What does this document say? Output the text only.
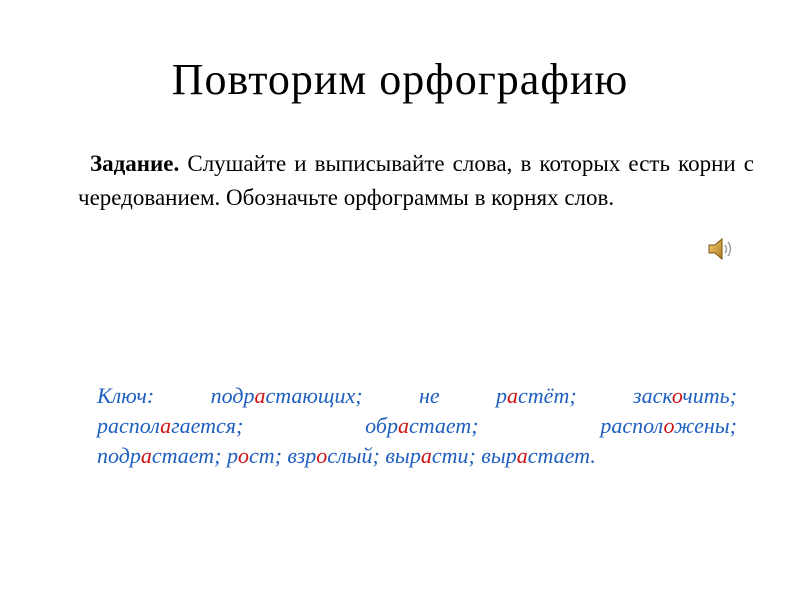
Повторим орфографию
Задание. Слушайте и выписывайте слова, в которых есть корни с чередованием. Обозначьте орфограммы в корнях слов.
Ключ: подрастающих; не растёт; заскочить;
располагается; обрастает; расположены;
подрастает; рост; взрослый; вырасти; вырастает.
